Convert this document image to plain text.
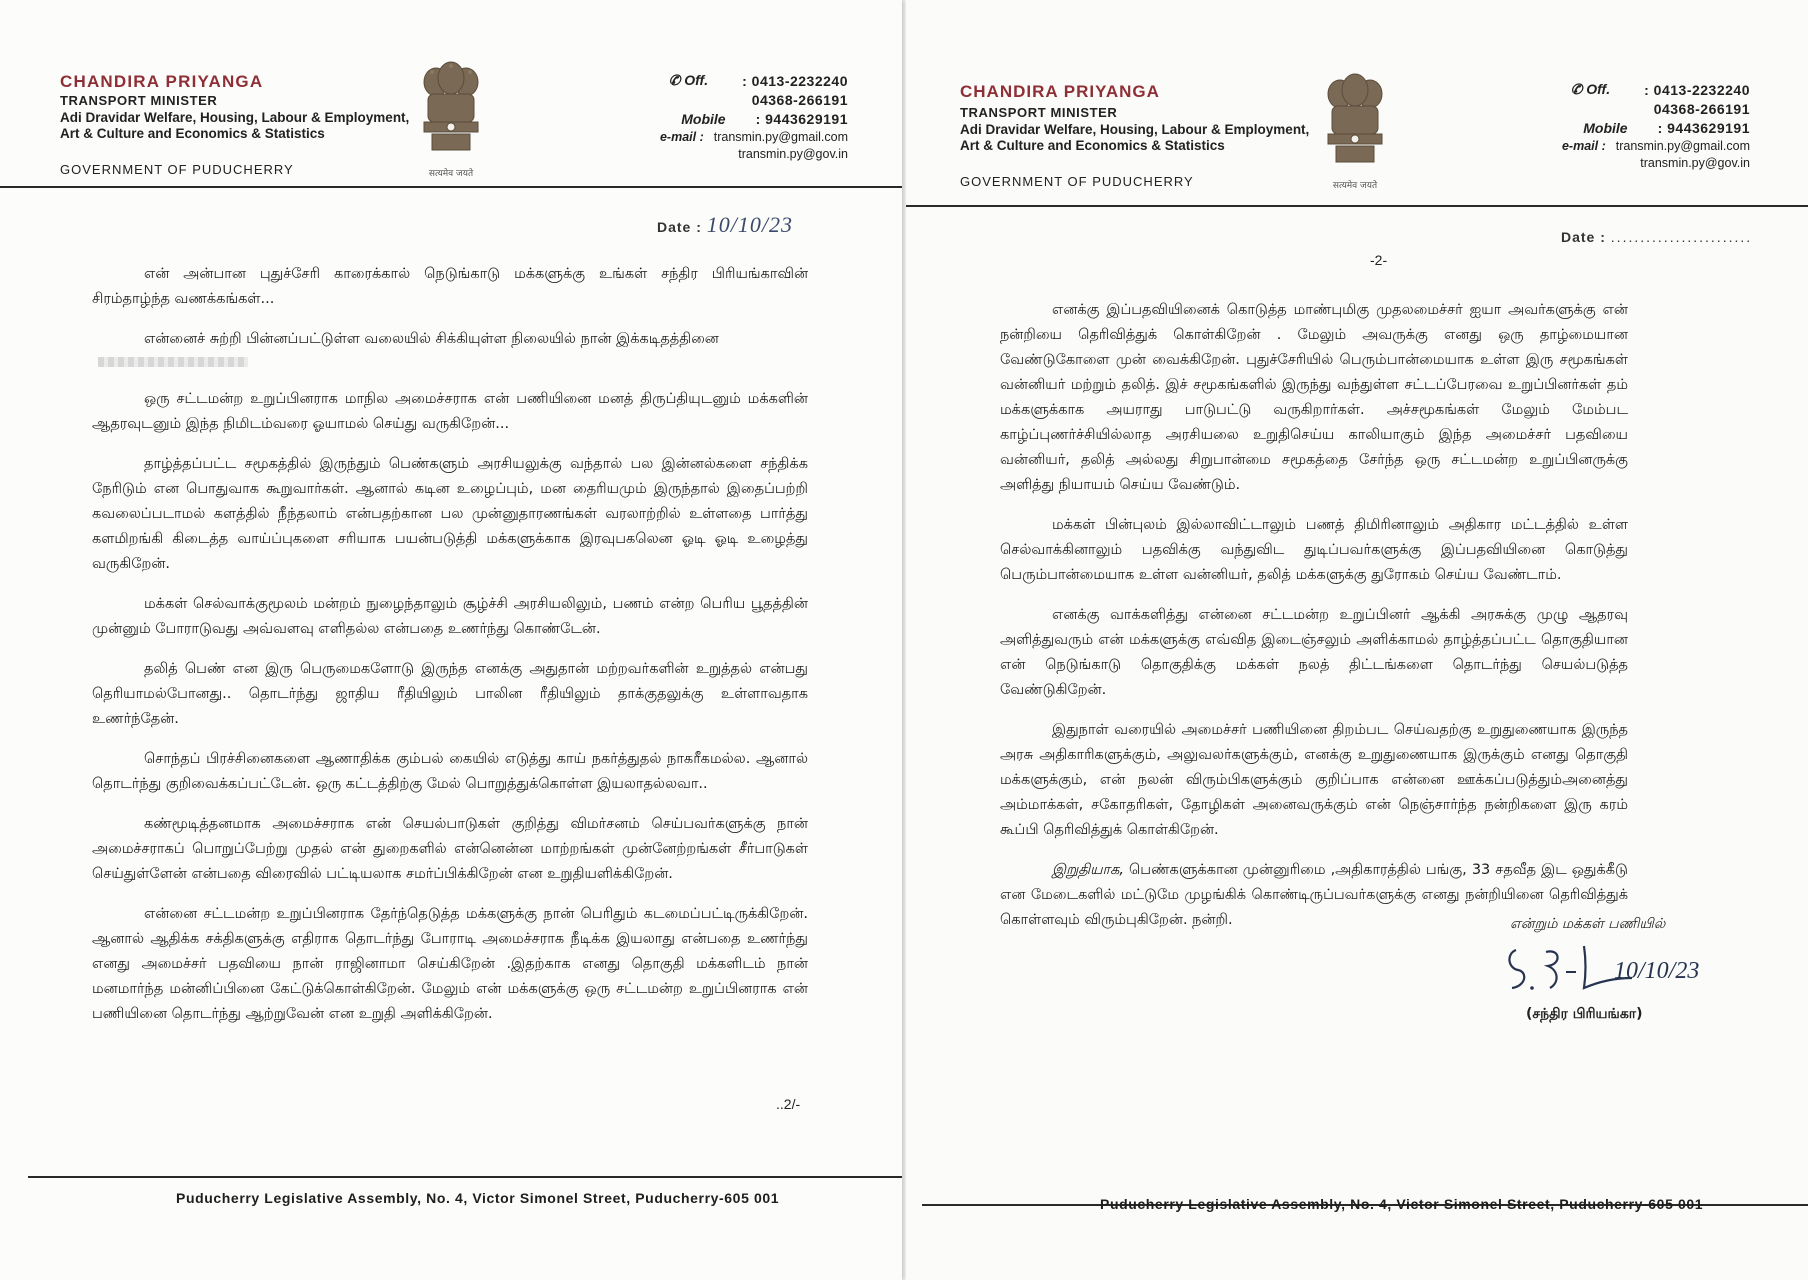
CHANDIRA PRIYANGA
TRANSPORT MINISTER
Adi Dravidar Welfare, Housing, Labour & Employment, Art & Culture and Economics & Statistics
GOVERNMENT OF PUDUCHERRY	सत्यमेव जयते
✆ Off. : 0413-2232240
04368-266191
Mobile : 9443629191
e-mail : transmin.py@gmail.com
transmin.py@gov.in
Date : 10/10/23

என் அன்பான புதுச்சேரி காரைக்கால் நெடுங்காடு மக்களுக்கு உங்கள் சந்திர பிரியங்காவின் சிரம்தாழ்ந்த வணக்கங்கள்...

என்னைச் சுற்றி பின்னப்பட்டுள்ள வலையில் சிக்கியுள்ள நிலையில் நான் இக்கடிதத்தினை

ஒரு சட்டமன்ற உறுப்பினராக மாநில அமைச்சராக என் பணியினை மனத் திருப்தியுடனும் மக்களின் ஆதரவுடனும் இந்த நிமிடம்வரை ஓயாமல் செய்து வருகிறேன்...

தாழ்த்தப்பட்ட சமூகத்தில் இருந்தும் பெண்களும் அரசியலுக்கு வந்தால் பல இன்னல்களை சந்திக்க நேரிடும் என பொதுவாக கூறுவார்கள். ஆனால் கடின உழைப்பும், மன தைரியமும் இருந்தால் இதைப்பற்றி கவலைப்படாமல் களத்தில் நீந்தலாம் என்பதற்கான பல முன்னுதாரணங்கள் வரலாற்றில் உள்ளதை பார்த்து களமிறங்கி கிடைத்த வாய்ப்புகளை சரியாக பயன்படுத்தி மக்களுக்காக இரவுபகலென ஓடி ஓடி உழைத்து வருகிறேன்.

மக்கள் செல்வாக்குமூலம் மன்றம் நுழைந்தாலும் சூழ்ச்சி அரசியலிலும், பணம் என்ற பெரிய பூதத்தின் முன்னும் போராடுவது அவ்வளவு எளிதல்ல என்பதை உணர்ந்து கொண்டேன்.

தலித் பெண் என இரு பெருமைகளோடு இருந்த எனக்கு அதுதான் மற்றவர்களின் உறுத்தல் என்பது தெரியாமல்போனது.. தொடர்ந்து ஜாதிய ரீதியிலும் பாலின ரீதியிலும் தாக்குதலுக்கு உள்ளாவதாக உணர்ந்தேன்.

சொந்தப் பிரச்சினைகளை ஆணாதிக்க கும்பல் கையில் எடுத்து காய் நகர்த்துதல் நாகரீகமல்ல. ஆனால் தொடர்ந்து குறிவைக்கப்பட்டேன். ஒரு கட்டத்திற்கு மேல் பொறுத்துக்கொள்ள இயலாதல்லவா..

கண்மூடித்தனமாக அமைச்சராக என் செயல்பாடுகள் குறித்து விமர்சனம் செய்பவர்களுக்கு நான் அமைச்சராகப் பொறுப்பேற்று முதல் என் துறைகளில் என்னென்ன மாற்றங்கள் முன்னேற்றங்கள் சீர்பாடுகள் செய்துள்ளேன் என்பதை விரைவில் பட்டியலாக சமர்ப்பிக்கிறேன் என உறுதியளிக்கிறேன்.

என்னை சட்டமன்ற உறுப்பினராக தேர்ந்தெடுத்த மக்களுக்கு நான் பெரிதும் கடமைப்பட்டிருக்கிறேன். ஆனால் ஆதிக்க சக்திகளுக்கு எதிராக தொடர்ந்து போராடி அமைச்சராக நீடிக்க இயலாது என்பதை உணர்ந்து எனது அமைச்சர் பதவியை நான் ராஜினாமா செய்கிறேன் .இதற்காக எனது தொகுதி மக்களிடம் நான் மனமார்ந்த மன்னிப்பினை கேட்டுக்கொள்கிறேன். மேலும் என் மக்களுக்கு ஒரு சட்டமன்ற உறுப்பினராக என் பணியினை தொடர்ந்து ஆற்றுவேன் என உறுதி அளிக்கிறேன்.

..2/-
Puducherry Legislative Assembly, No. 4, Victor Simonel Street, Puducherry-605 001
CHANDIRA PRIYANGA
TRANSPORT MINISTER
Adi Dravidar Welfare, Housing, Labour & Employment, Art & Culture and Economics & Statistics
GOVERNMENT OF PUDUCHERRY	सत्यमेव जयते
✆ Off. : 0413-2232240
04368-266191
Mobile : 9443629191
e-mail : transmin.py@gmail.com
transmin.py@gov.in
Date : ........................
-2-

எனக்கு இப்பதவியினைக் கொடுத்த மாண்புமிகு முதலமைச்சர் ஐயா அவர்களுக்கு என் நன்றியை தெரிவித்துக் கொள்கிறேன் . மேலும் அவருக்கு எனது ஒரு தாழ்மையான வேண்டுகோளை முன் வைக்கிறேன். புதுச்சேரியில் பெரும்பான்மையாக உள்ள இரு சமூகங்கள் வன்னியர் மற்றும் தலித். இச் சமூகங்களில் இருந்து வந்துள்ள சட்டப்பேரவை உறுப்பினர்கள் தம் மக்களுக்காக அயராது பாடுபட்டு வருகிறார்கள். அச்சமூகங்கள் மேலும் மேம்பட காழ்ப்புணர்ச்சியில்லாத அரசியலை உறுதிசெய்ய காலியாகும் இந்த அமைச்சர் பதவியை வன்னியர், தலித் அல்லது சிறுபான்மை சமூகத்தை சேர்ந்த ஒரு சட்டமன்ற உறுப்பினருக்கு அளித்து நியாயம் செய்ய வேண்டும்.

மக்கள் பின்புலம் இல்லாவிட்டாலும் பணத் திமிரினாலும் அதிகார மட்டத்தில் உள்ள செல்வாக்கினாலும் பதவிக்கு வந்துவிட துடிப்பவர்களுக்கு இப்பதவியினை கொடுத்து பெரும்பான்மையாக உள்ள வன்னியர், தலித் மக்களுக்கு துரோகம் செய்ய வேண்டாம்.

எனக்கு வாக்களித்து என்னை சட்டமன்ற உறுப்பினர் ஆக்கி அரசுக்கு முழு ஆதரவு அளித்துவரும் என் மக்களுக்கு எவ்வித இடைஞ்சலும் அளிக்காமல் தாழ்த்தப்பட்ட தொகுதியான என் நெடுங்காடு தொகுதிக்கு மக்கள் நலத் திட்டங்களை தொடர்ந்து செயல்படுத்த வேண்டுகிறேன்.

இதுநாள் வரையில் அமைச்சர் பணியினை திறம்பட செய்வதற்கு உறுதுணையாக இருந்த அரசு அதிகாரிகளுக்கும், அலுவலர்களுக்கும், எனக்கு உறுதுணையாக இருக்கும் எனது தொகுதி மக்களுக்கும், என் நலன் விரும்பிகளுக்கும் குறிப்பாக என்னை ஊக்கப்படுத்தும்அனைத்து அம்மாக்கள், சகோதரிகள், தோழிகள் அனைவருக்கும் என் நெஞ்சார்ந்த நன்றிகளை இரு கரம் கூப்பி தெரிவித்துக் கொள்கிறேன்.

இறுதியாக, பெண்களுக்கான முன்னுரிமை ,அதிகாரத்தில் பங்கு, 33 சதவீத இட ஒதுக்கீடு என மேடைகளில் மட்டுமே முழங்கிக் கொண்டிருப்பவர்களுக்கு எனது நன்றியினை தெரிவித்துக் கொள்ளவும் விரும்புகிறேன். நன்றி.	என்றும் மக்கள் பணியில்
10/10/23
(சந்திர பிரியங்கா)
Puducherry Legislative Assembly, No. 4, Victor Simonel Street, Puducherry-605 001
